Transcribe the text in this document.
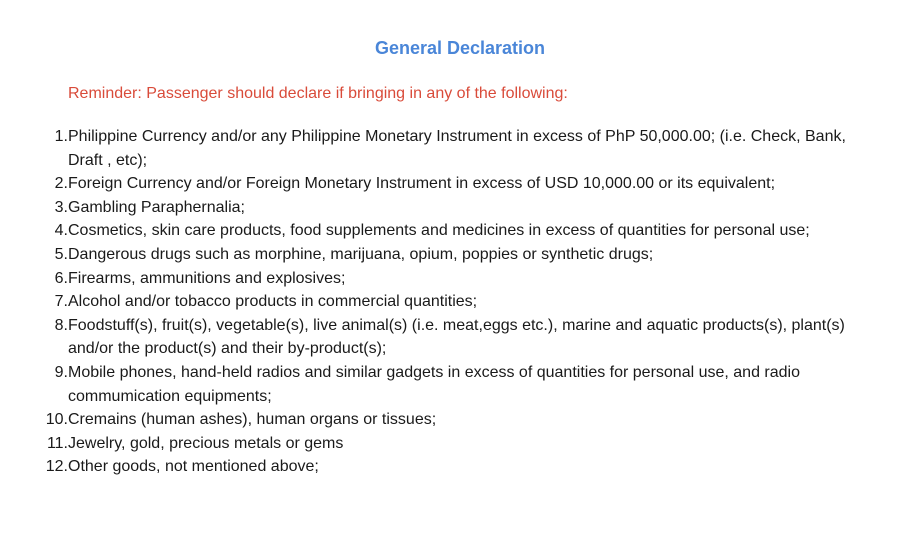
General Declaration

Reminder: Passenger should declare if bringing in any of the following:

1. Philippine Currency and/or any Philippine Monetary Instrument in excess of PhP 50,000.00; (i.e. Check, Bank, Draft , etc);
2. Foreign Currency and/or Foreign Monetary Instrument in excess of USD 10,000.00 or its equivalent;
3. Gambling Paraphernalia;
4. Cosmetics, skin care products, food supplements and medicines in excess of quantities for personal use;
5. Dangerous drugs such as morphine, marijuana, opium, poppies or synthetic drugs;
6. Firearms, ammunitions and explosives;
7. Alcohol and/or tobacco products in commercial quantities;
8. Foodstuff(s), fruit(s), vegetable(s), live animal(s) (i.e. meat,eggs etc.), marine and aquatic products(s), plant(s) and/or the product(s) and their by-product(s);
9. Mobile phones, hand-held radios and similar gadgets in excess of quantities for personal use, and radio commumication equipments;
10. Cremains (human ashes), human organs or tissues;
11. Jewelry, gold, precious metals or gems
12. Other goods, not mentioned above;
